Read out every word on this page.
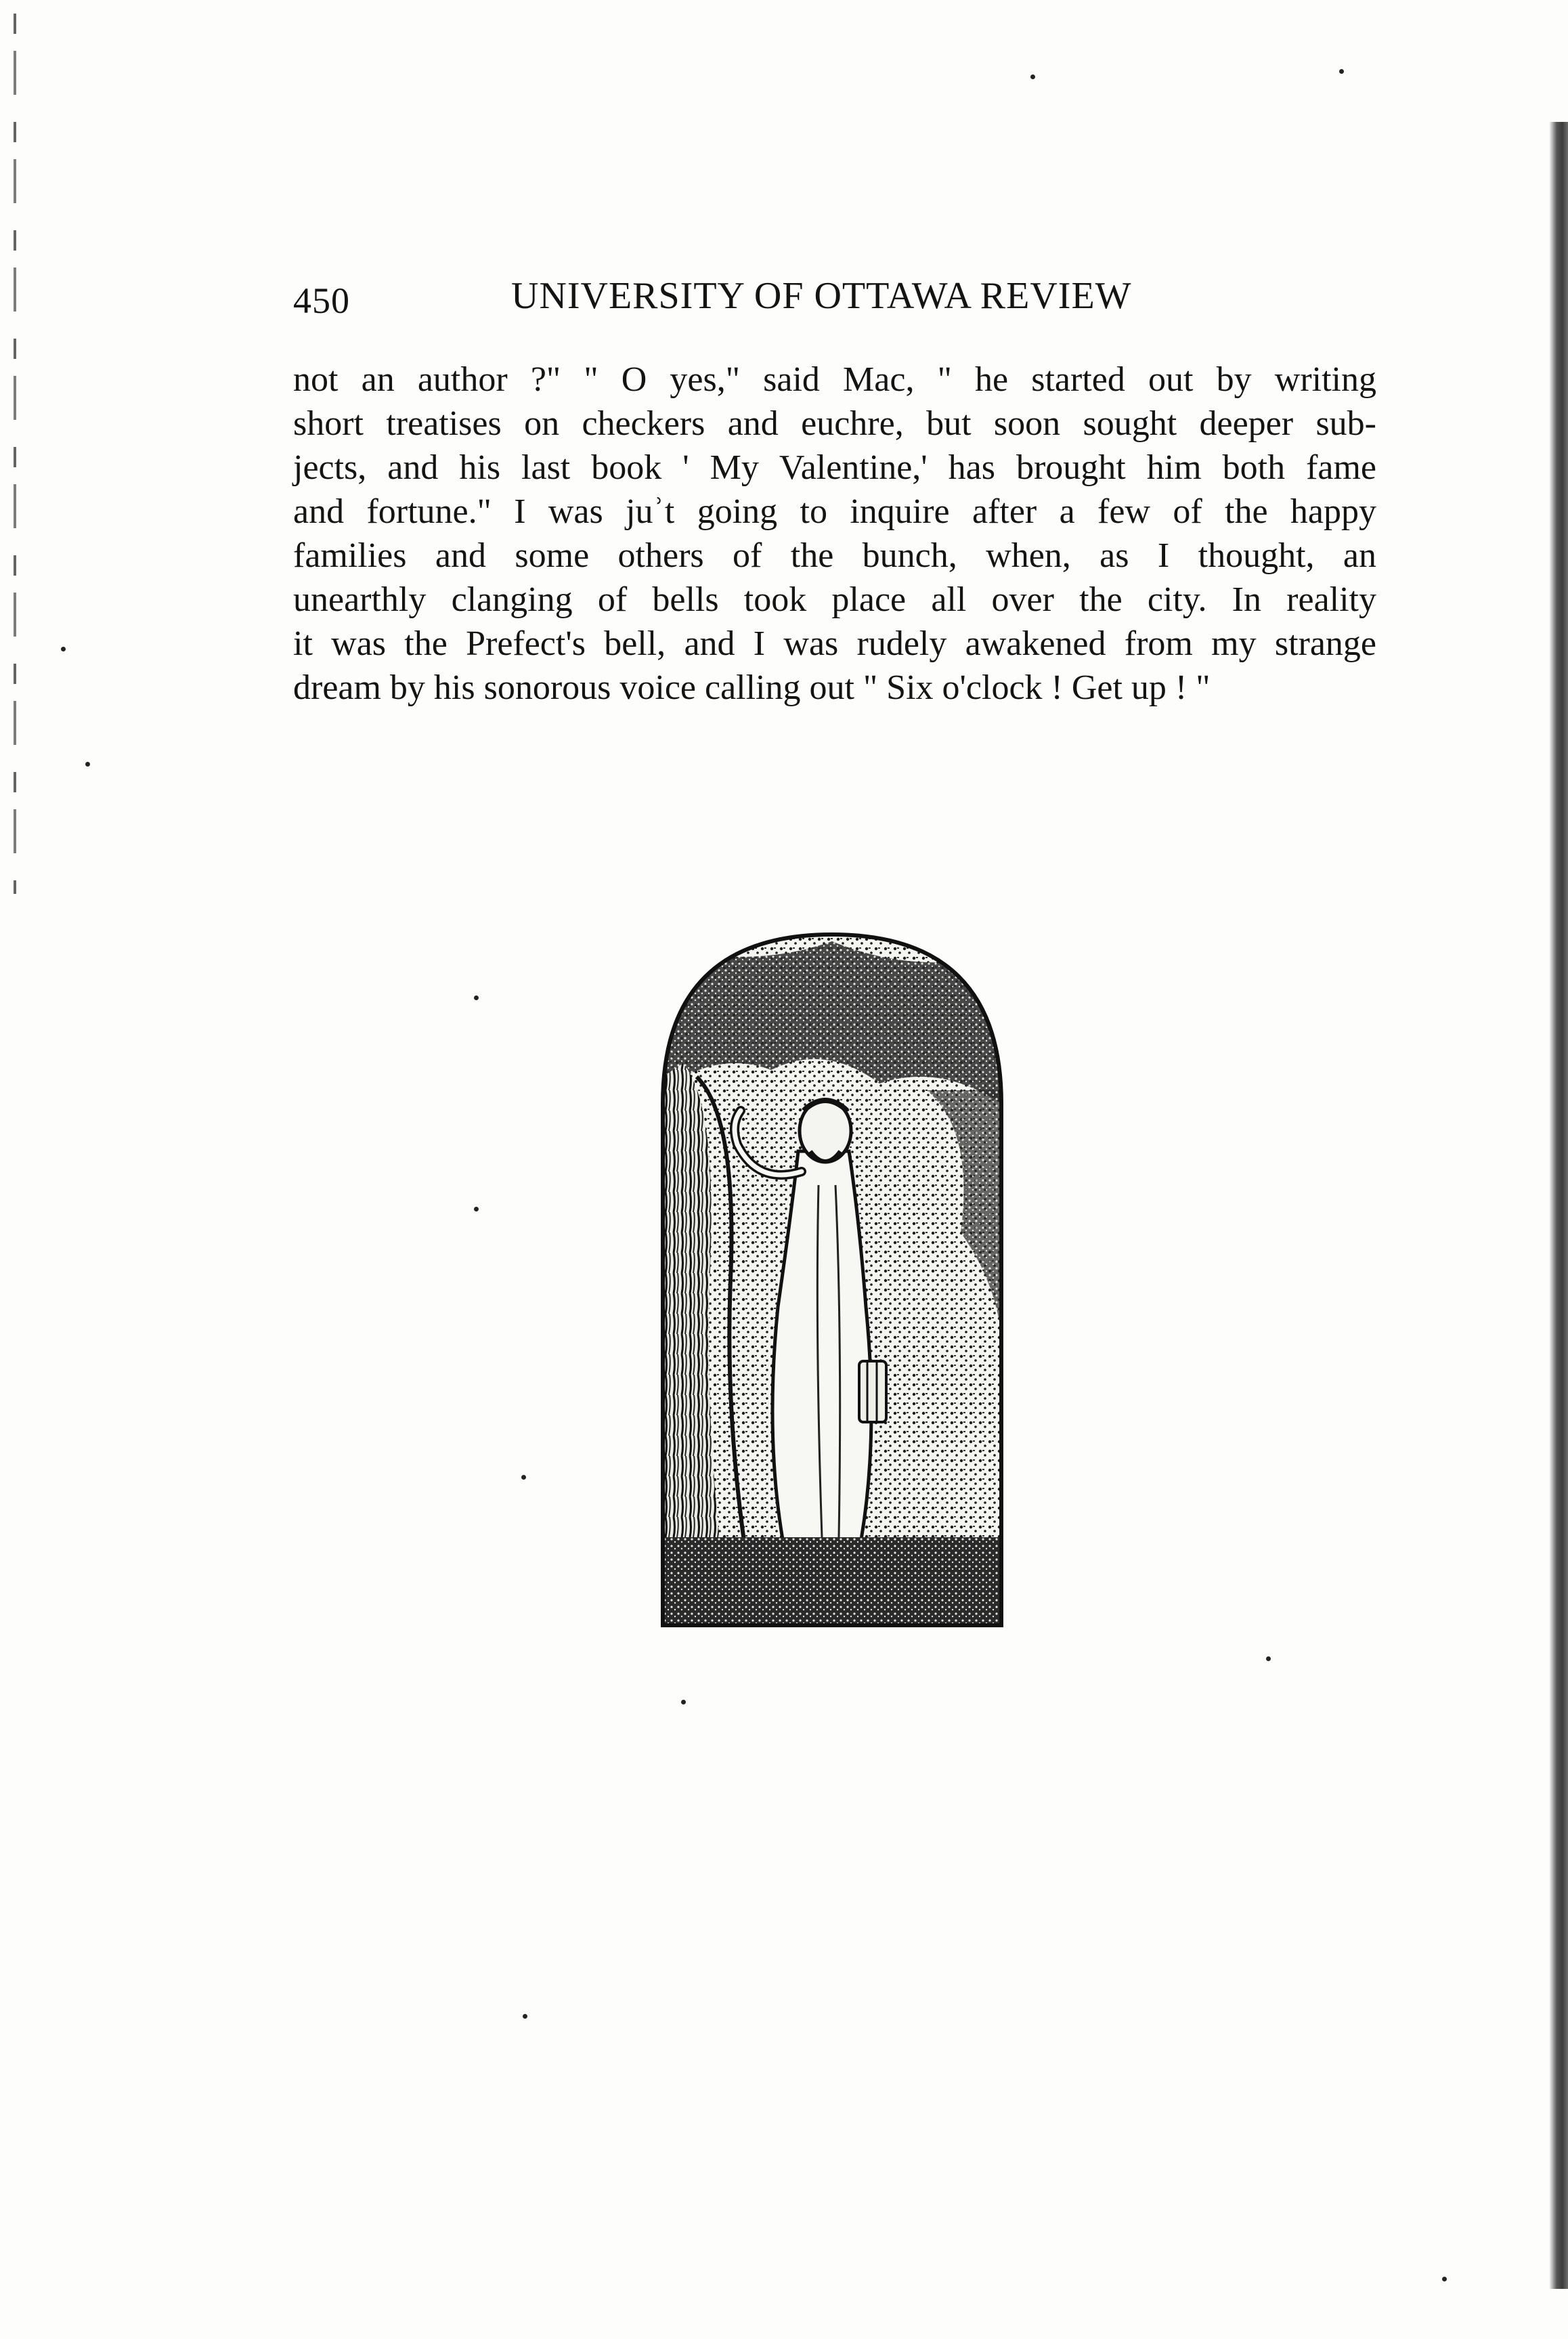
450	UNIVERSITY OF OTTAWA REVIEW
not an author ?" " O yes," said Mac, " he started out by writing
short treatises on checkers and euchre, but soon sought deeper sub-
jects, and his last book ' My Valentine,' has brought him both fame
and fortune." I was juʾt going to inquire after a few of the happy
families and some others of the bunch, when, as I thought, an
unearthly clanging of bells took place all over the city. In reality
it was the Prefect's bell, and I was rudely awakened from my strange
dream by his sonorous voice calling out " Six o'clock ! Get up ! "
